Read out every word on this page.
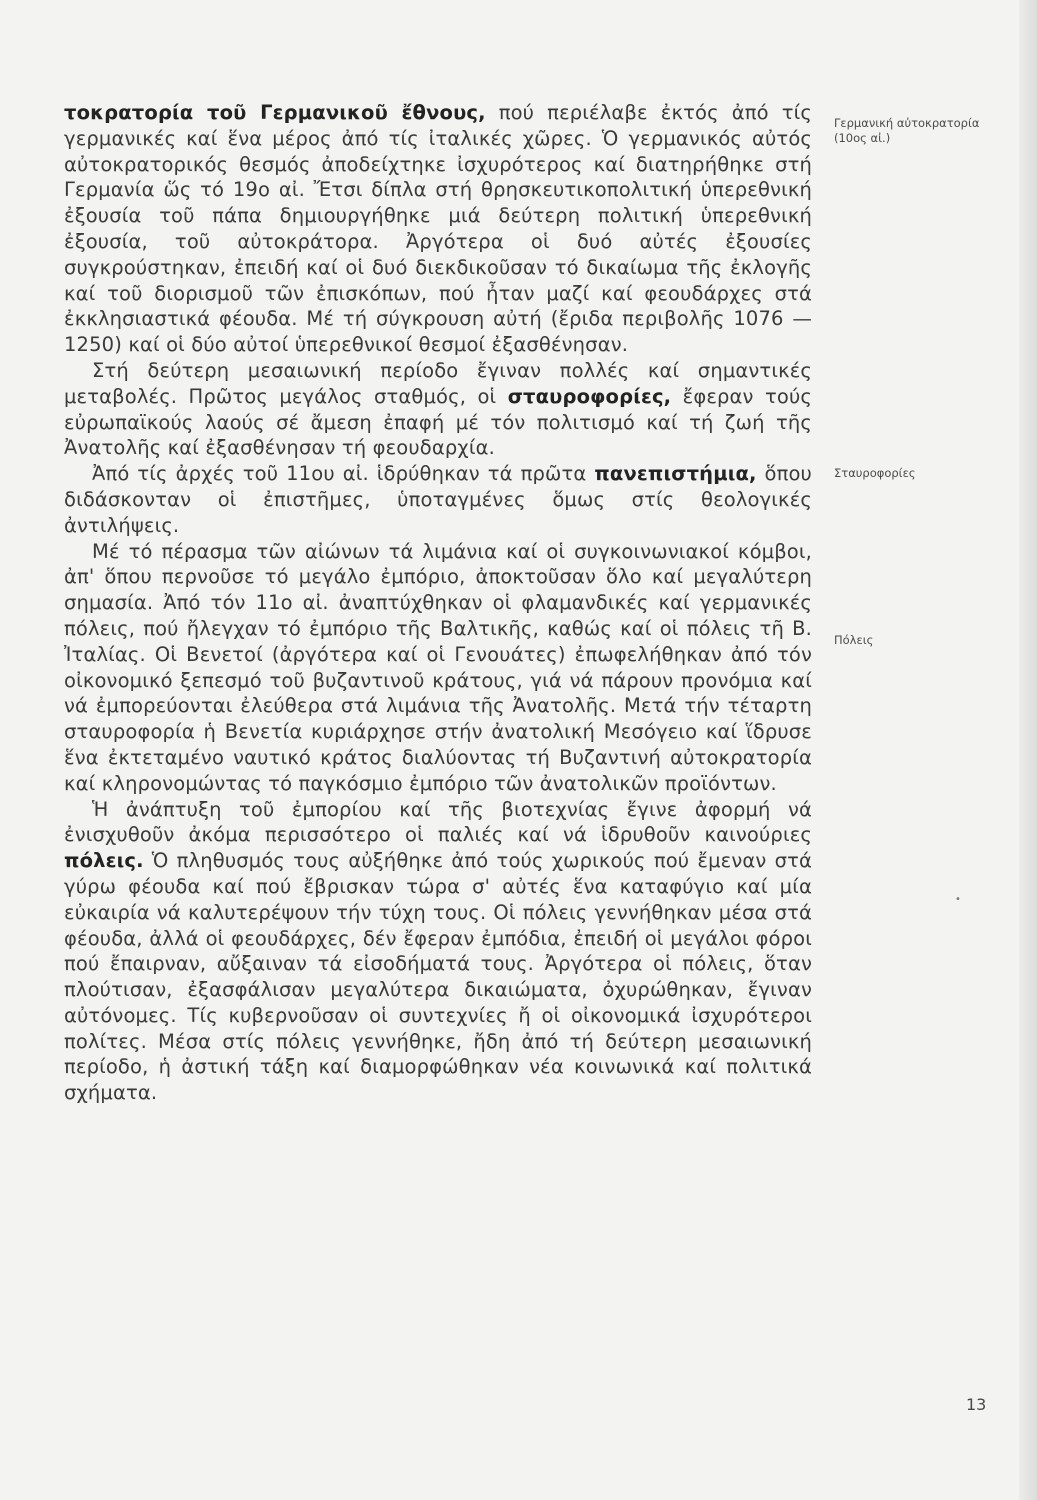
τοκρατορία τοῦ Γερμανικοῦ ἔθνους, πού περιέλαβε ἐκτός ἀπό τίς γερμανικές καί ἕνα μέρος ἀπό τίς ἰταλικές χῶρες. Ὁ γερμανικός αὐτός αὐτοκρατορικός θεσμός ἀποδείχτηκε ἰσχυρότερος καί διατηρήθηκε στή Γερμανία ὥς τό 19ο αἰ. Ἔτσι δίπλα στή θρησκευτικοπολιτική ὑπερεθνική ἐξουσία τοῦ πάπα δημιουργήθηκε μιά δεύτερη πολιτική ὑπερεθνική ἐξουσία, τοῦ αὐτοκράτορα. Ἀργότερα οἱ δυό αὐτές ἐξουσίες συγκρούστηκαν, ἐπειδή καί οἱ δυό διεκδικοῦσαν τό δικαίωμα τῆς ἐκλογῆς καί τοῦ διορισμοῦ τῶν ἐπισκόπων, πού ἦταν μαζί καί φεουδάρχες στά ἐκκλησιαστικά φέουδα. Μέ τή σύγκρουση αὐτή (ἔριδα περιβολῆς 1076 — 1250) καί οἱ δύο αὐτοί ὑπερεθνικοί θεσμοί ἐξασθένησαν.

Στή δεύτερη μεσαιωνική περίοδο ἔγιναν πολλές καί σημαντικές μεταβολές. Πρῶτος μεγάλος σταθμός, οἱ σταυροφορίες, ἔφεραν τούς εὐρωπαϊκούς λαούς σέ ἄμεση ἐπαφή μέ τόν πολιτισμό καί τή ζωή τῆς Ἀνατολῆς καί ἐξασθένησαν τή φεουδαρχία.

Ἀπό τίς ἀρχές τοῦ 11ου αἰ. ἱδρύθηκαν τά πρῶτα πανεπιστήμια, ὅπου διδάσκονταν οἱ ἐπιστῆμες, ὑποταγμένες ὅμως στίς θεολογικές ἀντιλήψεις.

Μέ τό πέρασμα τῶν αἰώνων τά λιμάνια καί οἱ συγκοινωνιακοί κόμβοι, ἀπ' ὅπου περνοῦσε τό μεγάλο ἐμπόριο, ἀποκτοῦσαν ὅλο καί μεγαλύτερη σημασία. Ἀπό τόν 11ο αἰ. ἀναπτύχθηκαν οἱ φλαμανδικές καί γερμανικές πόλεις, πού ἤλεγχαν τό ἐμπόριο τῆς Βαλτικῆς, καθώς καί οἱ πόλεις τῆ Β. Ἰταλίας. Οἱ Βενετοί (ἀργότερα καί οἱ Γενουάτες) ἐπωφελήθηκαν ἀπό τόν οἰκονομικό ξεπεσμό τοῦ βυζαντινοῦ κράτους, γιά νά πάρουν προνόμια καί νά ἐμπορεύονται ἐλεύθερα στά λιμάνια τῆς Ἀνατολῆς. Μετά τήν τέταρτη σταυροφορία ἡ Βενετία κυριάρχησε στήν ἀνατολική Μεσόγειο καί ἵδρυσε ἕνα ἐκτεταμένο ναυτικό κράτος διαλύοντας τή Βυζαντινή αὐτοκρατορία καί κληρονομώντας τό παγκόσμιο ἐμπόριο τῶν ἀνατολικῶν προϊόντων.

Ἡ ἀνάπτυξη τοῦ ἐμπορίου καί τῆς βιοτεχνίας ἔγινε ἀφορμή νά ἐνισχυθοῦν ἀκόμα περισσότερο οἱ παλιές καί νά ἱδρυθοῦν καινούριες πόλεις. Ὁ πληθυσμός τους αὐξήθηκε ἀπό τούς χωρικούς πού ἔμεναν στά γύρω φέουδα καί πού ἔβρισκαν τώρα σ' αὐτές ἕνα καταφύγιο καί μία εὐκαιρία νά καλυτερέψουν τήν τύχη τους. Οἱ πόλεις γεννήθηκαν μέσα στά φέουδα, ἀλλά οἱ φεουδάρχες, δέν ἔφεραν ἐμπόδια, ἐπειδή οἱ μεγάλοι φόροι πού ἔπαιρναν, αὔξαιναν τά εἰσοδήματά τους. Ἀργότερα οἱ πόλεις, ὅταν πλούτισαν, ἐξασφάλισαν μεγαλύτερα δικαιώματα, ὀχυρώθηκαν, ἔγιναν αὐτόνομες. Τίς κυβερνοῦσαν οἱ συντεχνίες ἤ οἱ οἰκονομικά ἰσχυρότεροι πολίτες. Μέσα στίς πόλεις γεννήθηκε, ἤδη ἀπό τή δεύτερη μεσαιωνική περίοδο, ἡ ἀστική τάξη καί διαμορφώθηκαν νέα κοινωνικά καί πολιτικά σχήματα.

Γερμανική αὐτοκρατορία (10ος αἰ.)
Σταυροφορίες
Πόλεις
•
13
